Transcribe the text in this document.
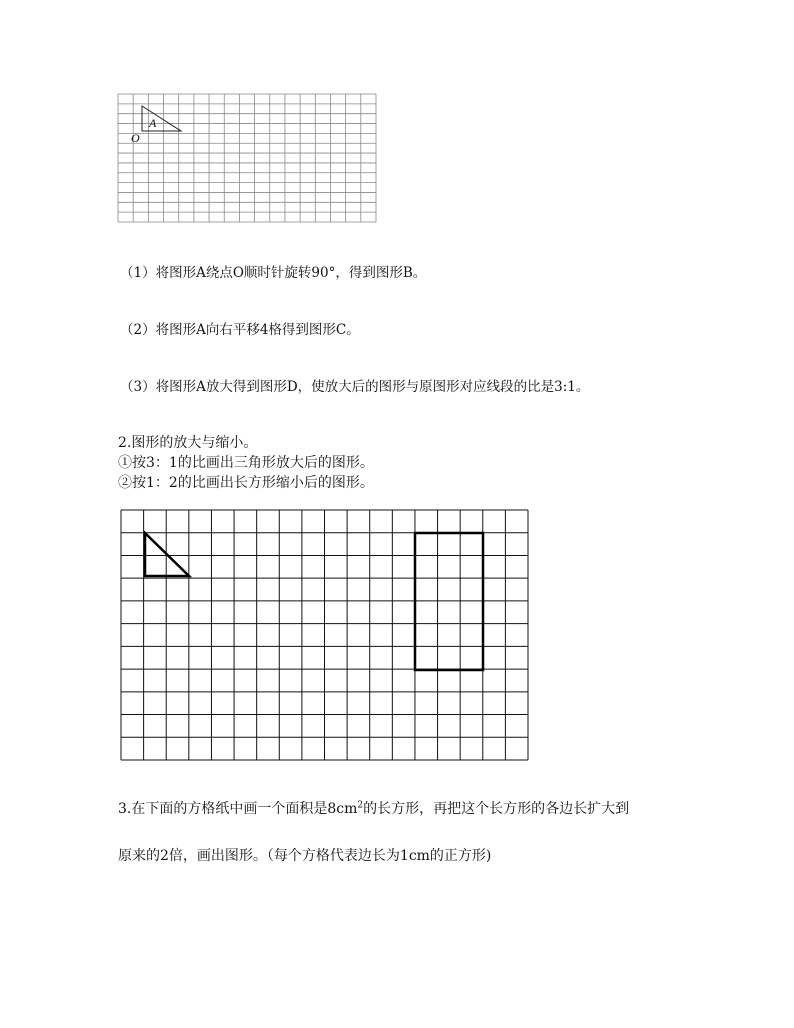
A
O
（1）将图形A绕点O顺时针旋转90°，得到图形B。
（2）将图形A向右平移4格得到图形C。
（3）将图形A放大得到图形D，使放大后的图形与原图形对应线段的比是3:1。
2.图形的放大与缩小。
①按3：1的比画出三角形放大后的图形。
②按1：2的比画出长方形缩小后的图形。
3.在下面的方格纸中画一个面积是$8cm^2$的长方形，再把这个长方形的各边长扩大到
原来的2倍，画出图形。（每个方格代表边长为1cm的正方形)
